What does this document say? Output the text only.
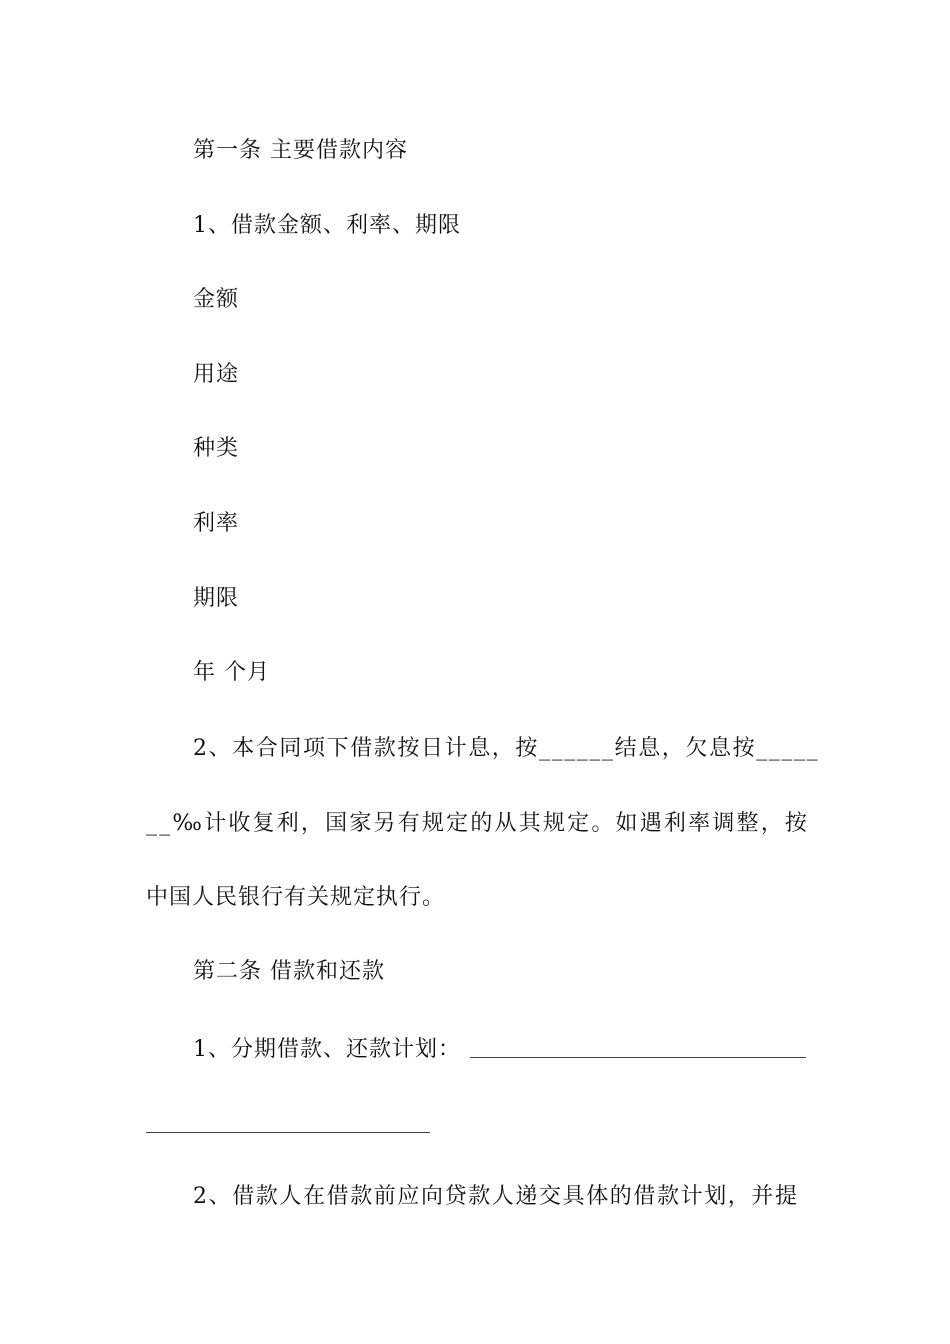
第一条 主要借款内容
1、借款金额、利率、期限
金额
用途
种类
利率
期限
年 个月
2、本合同项下借款按日计息，按______结息，欠息按_____
__‰计收复利，国家另有规定的从其规定。如遇利率调整，按
中国人民银行有关规定执行。
第二条 借款和还款
1、分期借款、还款计划：
2、借款人在借款前应向贷款人递交具体的借款计划，并提
